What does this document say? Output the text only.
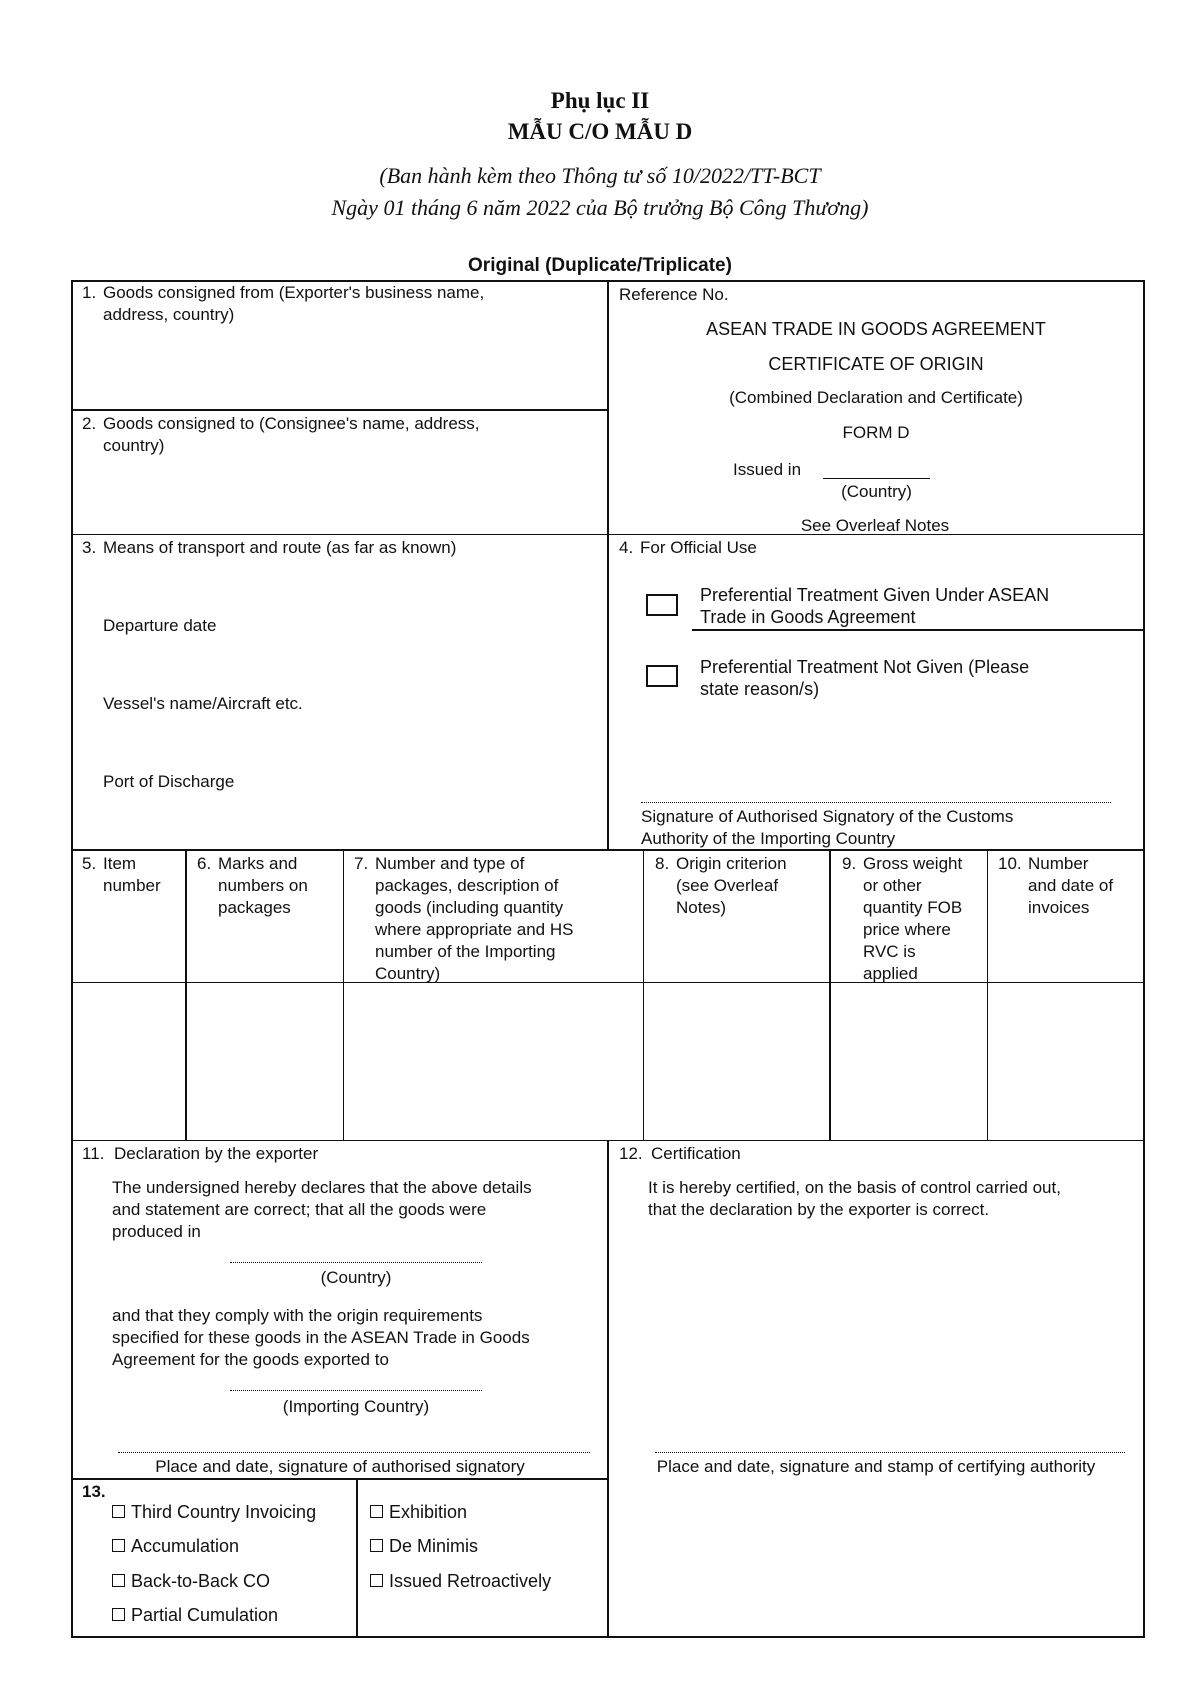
Phụ lục II
MẪU C/O MẪU D
(Ban hành kèm theo Thông tư số 10/2022/TT-BCT
Ngày 01 tháng 6 năm 2022 của Bộ trưởng Bộ Công Thương)
Original (Duplicate/Triplicate)
1. Goods consigned from (Exporter's business name,
address, country)
2. Goods consigned to (Consignee's name, address,
country)
Reference No.
ASEAN TRADE IN GOODS AGREEMENT
CERTIFICATE OF ORIGIN
(Combined Declaration and Certificate)
FORM D
Issued in
(Country)
See Overleaf Notes
3. Means of transport and route (as far as known)
Departure date
Vessel's name/Aircraft etc.
Port of Discharge
4. For Official Use
Preferential Treatment Given Under ASEAN
Trade in Goods Agreement
Preferential Treatment Not Given (Please
state reason/s)
Signature of Authorised Signatory of the Customs
Authority of the Importing Country
5. Item
number
6. Marks and
numbers on
packages
7. Number and type of
packages, description of
goods (including quantity
where appropriate and HS
number of the Importing
Country)
8. Origin criterion
(see Overleaf
Notes)
9. Gross weight
or other
quantity FOB
price where
RVC is
applied
10. Number
and date of
invoices
11. Declaration by the exporter
The undersigned hereby declares that the above details
and statement are correct; that all the goods were
produced in
(Country)
and that they comply with the origin requirements
specified for these goods in the ASEAN Trade in Goods
Agreement for the goods exported to
(Importing Country)
Place and date, signature of authorised signatory
12. Certification
It is hereby certified, on the basis of control carried out,
that the declaration by the exporter is correct.
Place and date, signature and stamp of certifying authority
13.
Third Country Invoicing
Accumulation
Back-to-Back CO
Partial Cumulation
Exhibition
De Minimis
Issued Retroactively
